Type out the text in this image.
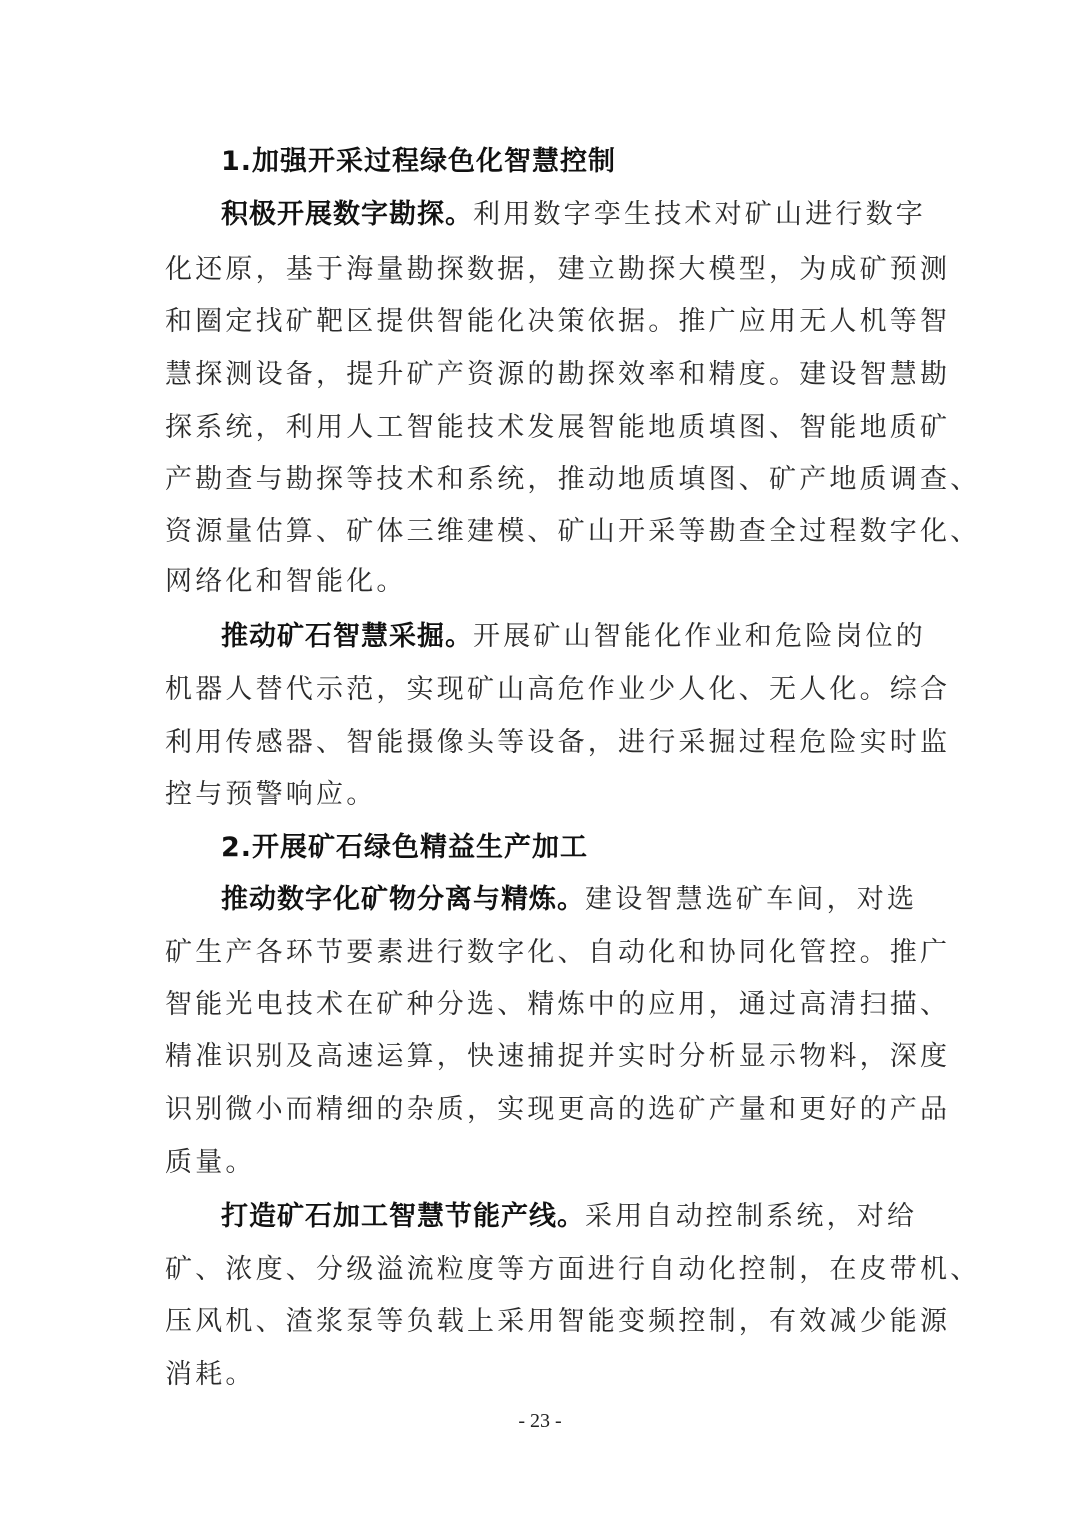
1.加强开采过程绿色化智慧控制
积极开展数字勘探。利用数字孪生技术对矿山进行数字
化还原，基于海量勘探数据，建立勘探大模型，为成矿预测
和圈定找矿靶区提供智能化决策依据。推广应用无人机等智
慧探测设备，提升矿产资源的勘探效率和精度。建设智慧勘
探系统，利用人工智能技术发展智能地质填图、智能地质矿
产勘查与勘探等技术和系统，推动地质填图、矿产地质调查、
资源量估算、矿体三维建模、矿山开采等勘查全过程数字化、
网络化和智能化。
推动矿石智慧采掘。开展矿山智能化作业和危险岗位的
机器人替代示范，实现矿山高危作业少人化、无人化。综合
利用传感器、智能摄像头等设备，进行采掘过程危险实时监
控与预警响应。
2.开展矿石绿色精益生产加工
推动数字化矿物分离与精炼。建设智慧选矿车间，对选
矿生产各环节要素进行数字化、自动化和协同化管控。推广
智能光电技术在矿种分选、精炼中的应用，通过高清扫描、
精准识别及高速运算，快速捕捉并实时分析显示物料，深度
识别微小而精细的杂质，实现更高的选矿产量和更好的产品
质量。
打造矿石加工智慧节能产线。采用自动控制系统，对给
矿、浓度、分级溢流粒度等方面进行自动化控制，在皮带机、
压风机、渣浆泵等负载上采用智能变频控制，有效减少能源
消耗。
- 23 -
